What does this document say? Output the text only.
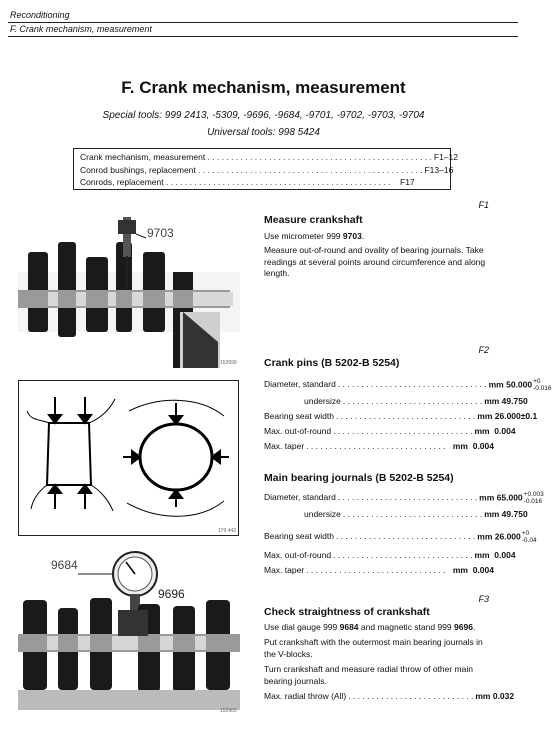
Reconditioning
F. Crank mechanism, measurement
F. Crank mechanism, measurement
Special tools: 999 2413, -5309, -9696, -9684, -9701, -9702, -9703, -9704
Universal tools: 998 5424
Crank mechanism, measurement . . . . . . . . . . . . . . . . . . . . . . . . . . . . . . . . . . . . . . . . . . . . . . . . F1–12
Conrod bushings, replacement . . . . . . . . . . . . . . . . . . . . . . . . . . . . . . . . . . . . . . . . . . . . . . . . F13–16
Conrods, replacement . . . . . . . . . . . . . . . . . . . . . . . . . . . . . . . . . . . . . . . . . . . . . . . .	F17
F1
9703
152699
Measure crankshaft
Use micrometer 999 9703.
Measure out-of-round and ovality of bearing journals. Take readings at several points around circumference and along length.
F2
179 443
Crank pins (B 5202-B 5254)
Diameter, standard . . . . . . . . . . . . . . . . . . . . . . . . . . . . . . . . mm 50.000 +0
-0.016
undersize . . . . . . . . . . . . . . . . . . . . . . . . . . . . . . mm 49.750
Bearing seat width . . . . . . . . . . . . . . . . . . . . . . . . . . . . . . mm 26.000±0.1
Max. out-of-round . . . . . . . . . . . . . . . . . . . . . . . . . . . . . . mm  0.004
Max. taper . . . . . . . . . . . . . . . . . . . . . . . . . . . . . . mm  0.004
Main bearing journals (B 5202-B 5254)
Diameter, standard . . . . . . . . . . . . . . . . . . . . . . . . . . . . . . mm 65.000 +0.003
-0.016
undersize . . . . . . . . . . . . . . . . . . . . . . . . . . . . . . mm 49.750
Bearing seat width . . . . . . . . . . . . . . . . . . . . . . . . . . . . . . mm 26.000 +0
-0.04
Max. out-of-round . . . . . . . . . . . . . . . . . . . . . . . . . . . . . . mm  0.004
Max. taper . . . . . . . . . . . . . . . . . . . . . . . . . . . . . . mm  0.004
F3
9684
9696
152900
Check straightness of crankshaft
Use dial gauge 999 9684 and magnetic stand 999 9696.
Put crankshaft with the outermost main bearing journals in the V-blocks.
Turn crankshaft and measure radial throw of other main bearing journals.
Max. radial throw (All) . . . . . . . . . . . . . . . . . . . . . . . . . . . mm 0.032
